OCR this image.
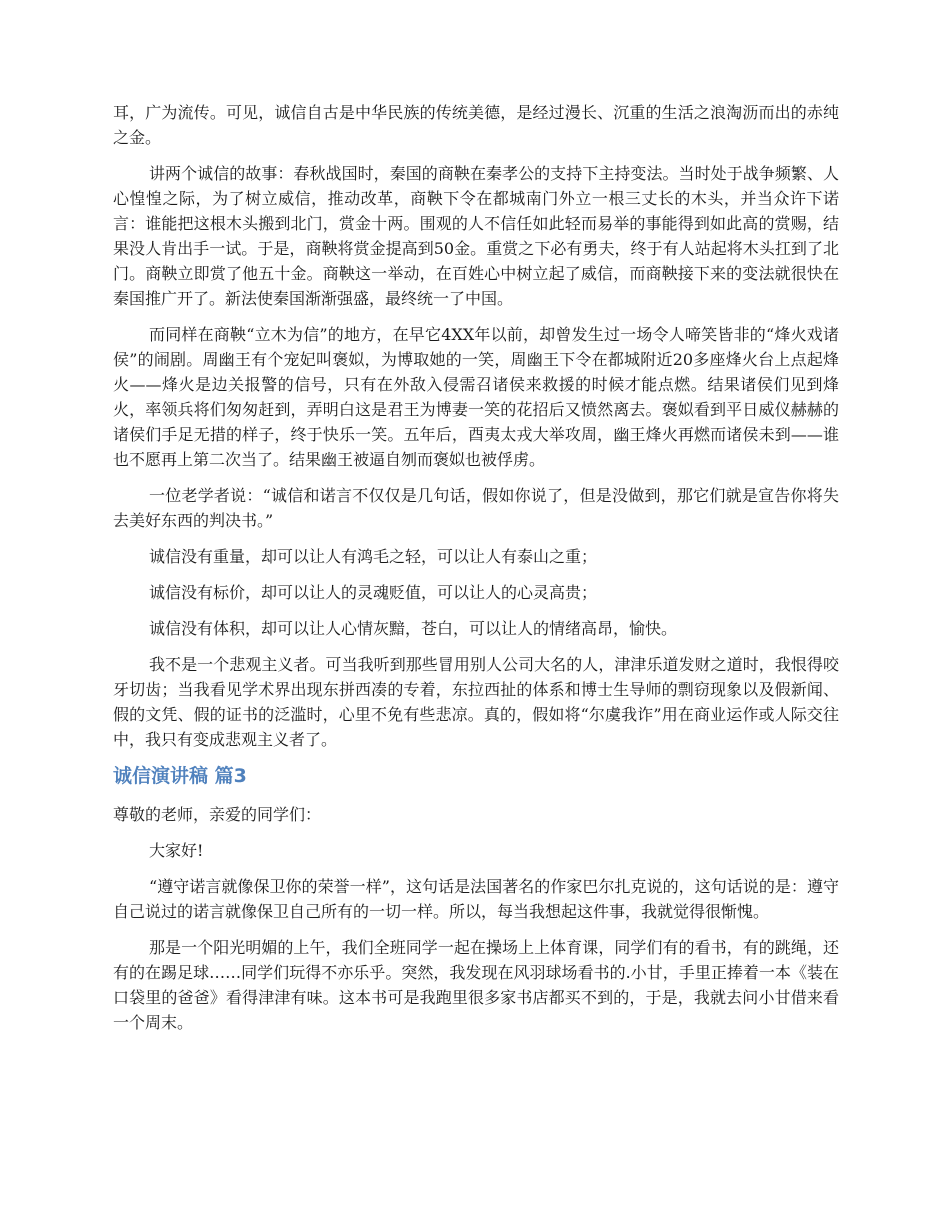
耳，广为流传。可见，诚信自古是中华民族的传统美德，是经过漫长、沉重的生活之浪淘沥而出的赤纯之金。

讲两个诚信的故事：春秋战国时，秦国的商鞅在秦孝公的支持下主持变法。当时处于战争频繁、人心惶惶之际，为了树立威信，推动改革，商鞅下令在都城南门外立一根三丈长的木头，并当众许下诺言：谁能把这根木头搬到北门，赏金十两。围观的人不信任如此轻而易举的事能得到如此高的赏赐，结果没人肯出手一试。于是，商鞅将赏金提高到50金。重赏之下必有勇夫，终于有人站起将木头扛到了北门。商鞅立即赏了他五十金。商鞅这一举动，在百姓心中树立起了威信，而商鞅接下来的变法就很快在秦国推广开了。新法使秦国渐渐强盛，最终统一了中国。

而同样在商鞅“立木为信”的地方，在早它4XX年以前，却曾发生过一场令人啼笑皆非的“烽火戏诸侯”的闹剧。周幽王有个宠妃叫褒姒，为博取她的一笑，周幽王下令在都城附近20多座烽火台上点起烽火——烽火是边关报警的信号，只有在外敌入侵需召诸侯来救援的时候才能点燃。结果诸侯们见到烽火，率领兵将们匆匆赶到，弄明白这是君王为博妻一笑的花招后又愤然离去。褒姒看到平日威仪赫赫的诸侯们手足无措的样子，终于快乐一笑。五年后，酉夷太戎大举攻周，幽王烽火再燃而诸侯未到——谁也不愿再上第二次当了。结果幽王被逼自刎而褒姒也被俘虏。

一位老学者说：“诚信和诺言不仅仅是几句话，假如你说了，但是没做到，那它们就是宣告你将失去美好东西的判决书。”

诚信没有重量，却可以让人有鸿毛之轻，可以让人有泰山之重；

诚信没有标价，却可以让人的灵魂贬值，可以让人的心灵高贵；

诚信没有体积，却可以让人心情灰黯，苍白，可以让人的情绪高昂，愉快。

我不是一个悲观主义者。可当我听到那些冒用别人公司大名的人，津津乐道发财之道时，我恨得咬牙切齿；当我看见学术界出现东拼西凑的专着，东拉西扯的体系和博士生导师的剽窃现象以及假新闻、假的文凭、假的证书的泛滥时，心里不免有些悲凉。真的，假如将“尔虞我诈”用在商业运作或人际交往中，我只有变成悲观主义者了。

诚信演讲稿 篇3

尊敬的老师，亲爱的同学们：

大家好!

“遵守诺言就像保卫你的荣誉一样”，这句话是法国著名的作家巴尔扎克说的，这句话说的是：遵守自己说过的诺言就像保卫自己所有的一切一样。所以，每当我想起这件事，我就觉得很惭愧。

那是一个阳光明媚的上午，我们全班同学一起在操场上上体育课，同学们有的看书，有的跳绳，还有的在踢足球……同学们玩得不亦乐乎。突然，我发现在风羽球场看书的.小甘，手里正捧着一本《装在口袋里的爸爸》看得津津有味。这本书可是我跑里很多家书店都买不到的，于是，我就去问小甘借来看一个周末。
